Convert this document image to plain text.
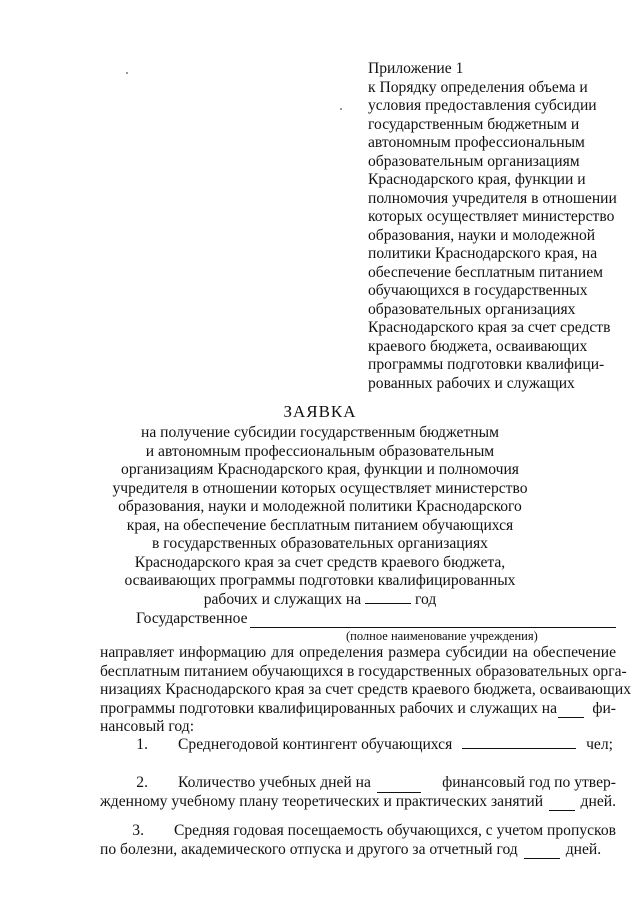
Приложение 1
к Порядку определения объема и
условия предоставления субсидии
государственным бюджетным и
автономным профессиональным
образовательным организациям
Краснодарского края, функции и
полномочия учредителя в отношении
которых осуществляет министерство
образования, науки и молодежной
политики Краснодарского края, на
обеспечение бесплатным питанием
обучающихся в государственных
образовательных организациях
Краснодарского края за счет средств
краевого бюджета, осваивающих
программы подготовки квалифици-
рованных рабочих и служащих
ЗАЯВКА
на получение субсидии государственным бюджетным
и автономным профессиональным образовательным
организациям Краснодарского края, функции и полномочия
учредителя в отношении которых осуществляет министерство
образования, науки и молодежной политики Краснодарского
края, на обеспечение бесплатным питанием обучающихся
в государственных образовательных организациях
Краснодарского края за счет средств краевого бюджета,
осваивающих программы подготовки квалифицированных
рабочих и служащих на	год
Государственное
(полное наименование учреждения)
направляет информацию для определения размера субсидии на обеспечение
бесплатным питанием обучающихся в государственных образовательных орга-
низациях Краснодарского края за счет средств краевого бюджета, осваивающих
программы подготовки квалифицированных рабочих и служащих на фи-
нансовый год:
1. Среднегодовой контингент обучающихся	чел;
2.	Количество учебных дней на	финансовый год по утвер-
жденному учебному плану теоретических и практических занятий дней.
3.	Средняя годовая посещаемость обучающихся, с учетом пропусков
по болезни, академического отпуска и другого за отчетный год	дней.
